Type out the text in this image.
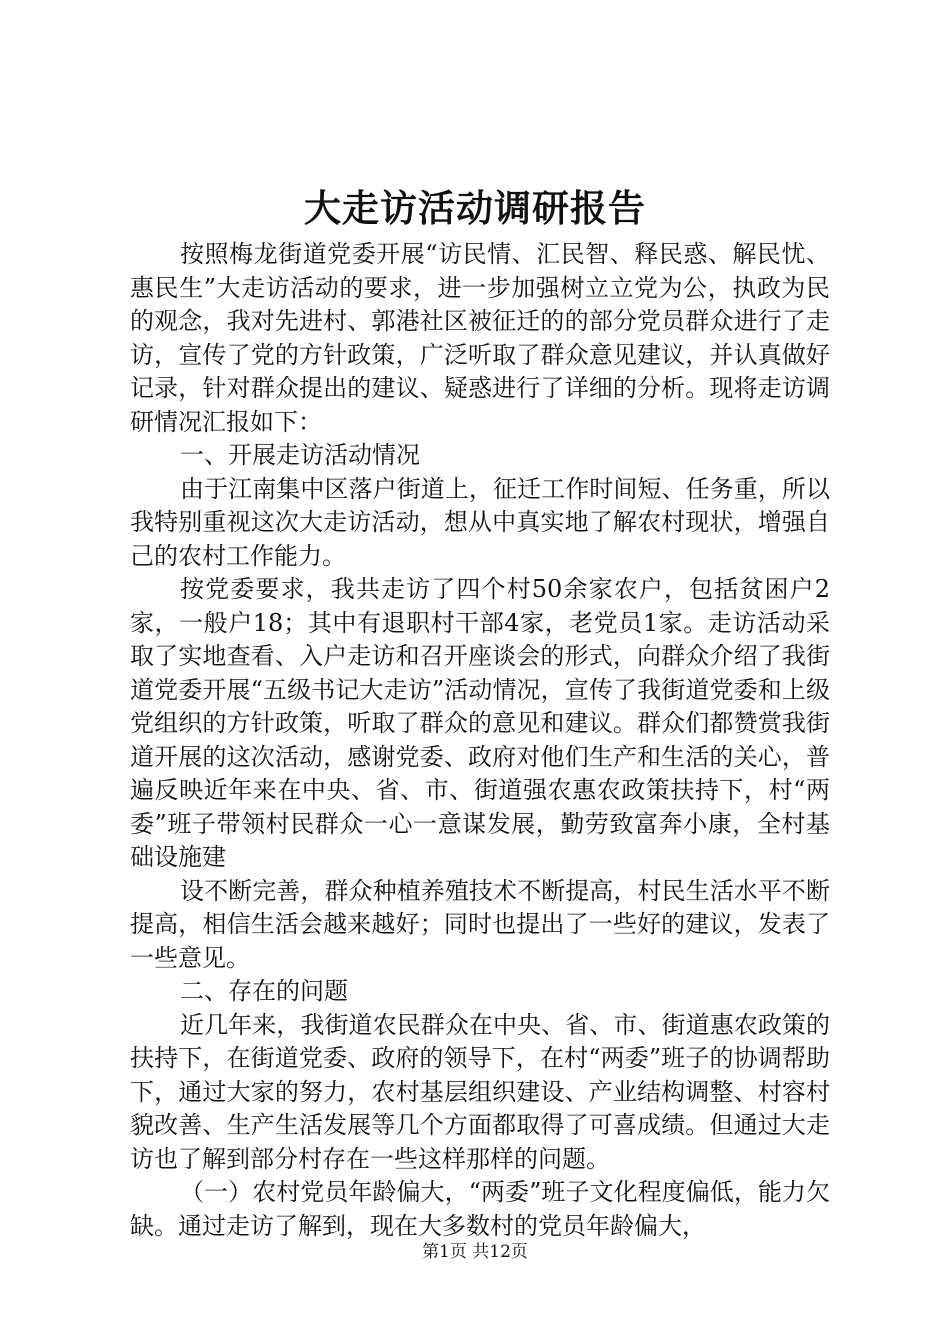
大走访活动调研报告

按照梅龙街道党委开展“访民情、汇民智、释民惑、解民忧、惠民生”大走访活动的要求，进一步加强树立立党为公，执政为民的观念，我对先进村、郭港社区被征迁的的部分党员群众进行了走访，宣传了党的方针政策，广泛听取了群众意见建议，并认真做好记录，针对群众提出的建议、疑惑进行了详细的分析。现将走访调研情况汇报如下：

一、开展走访活动情况

由于江南集中区落户街道上，征迁工作时间短、任务重，所以我特别重视这次大走访活动，想从中真实地了解农村现状，增强自己的农村工作能力。

按党委要求，我共走访了四个村50余家农户，包括贫困户2家，一般户18；其中有退职村干部4家，老党员1家。走访活动采取了实地查看、入户走访和召开座谈会的形式，向群众介绍了我街道党委开展“五级书记大走访”活动情况，宣传了我街道党委和上级党组织的方针政策，听取了群众的意见和建议。群众们都赞赏我街道开展的这次活动，感谢党委、政府对他们生产和生活的关心，普遍反映近年来在中央、省、市、街道强农惠农政策扶持下，村“两委”班子带领村民群众一心一意谋发展，勤劳致富奔小康，全村基础设施建

设不断完善，群众种植养殖技术不断提高，村民生活水平不断提高，相信生活会越来越好；同时也提出了一些好的建议，发表了一些意见。

二、存在的问题

近几年来，我街道农民群众在中央、省、市、街道惠农政策的扶持下，在街道党委、政府的领导下，在村“两委”班子的协调帮助下，通过大家的努力，农村基层组织建设、产业结构调整、村容村貌改善、生产生活发展等几个方面都取得了可喜成绩。但通过大走访也了解到部分村存在一些这样那样的问题。

（一）农村党员年龄偏大，“两委”班子文化程度偏低，能力欠缺。通过走访了解到，现在大多数村的党员年龄偏大，

第1页 共12页
